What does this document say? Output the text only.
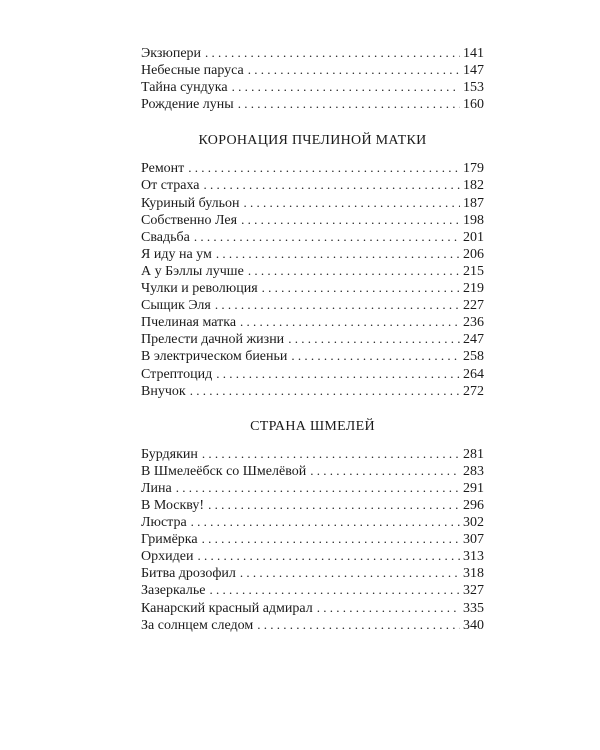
Экзюпери . . .	141
Небесные паруса . . .	147
Тайна сундука . . .	153
Рождение луны . . .	160
КОРОНАЦИЯ ПЧЕЛИНОЙ МАТКИ
Ремонт . . .	179
От страха . . .	182
Куриный бульон . . .	187
Собственно Лея . . .	198
Свадьба . . .	201
Я иду на ум . . .	206
А у Бэллы лучше . . .	215
Чулки и революция . . .	219
Сыщик Эля . . .	227
Пчелиная матка . . .	236
Прелести дачной жизни . . .	247
В электрическом биеньи . . .	258
Стрептоцид . . .	264
Внучок . . .	272
СТРАНА ШМЕЛЕЙ
Бурдякин . . .	281
В Шмелеёбск со Шмелёвой . . .	283
Лина . . .	291
В Москву! . . .	296
Люстра . . .	302
Гримёрка . . .	307
Орхидеи . . .	313
Битва дрозофил . . .	318
Зазеркалье . . .	327
Канарский красный адмирал . . .	335
За солнцем следом . . .	340
